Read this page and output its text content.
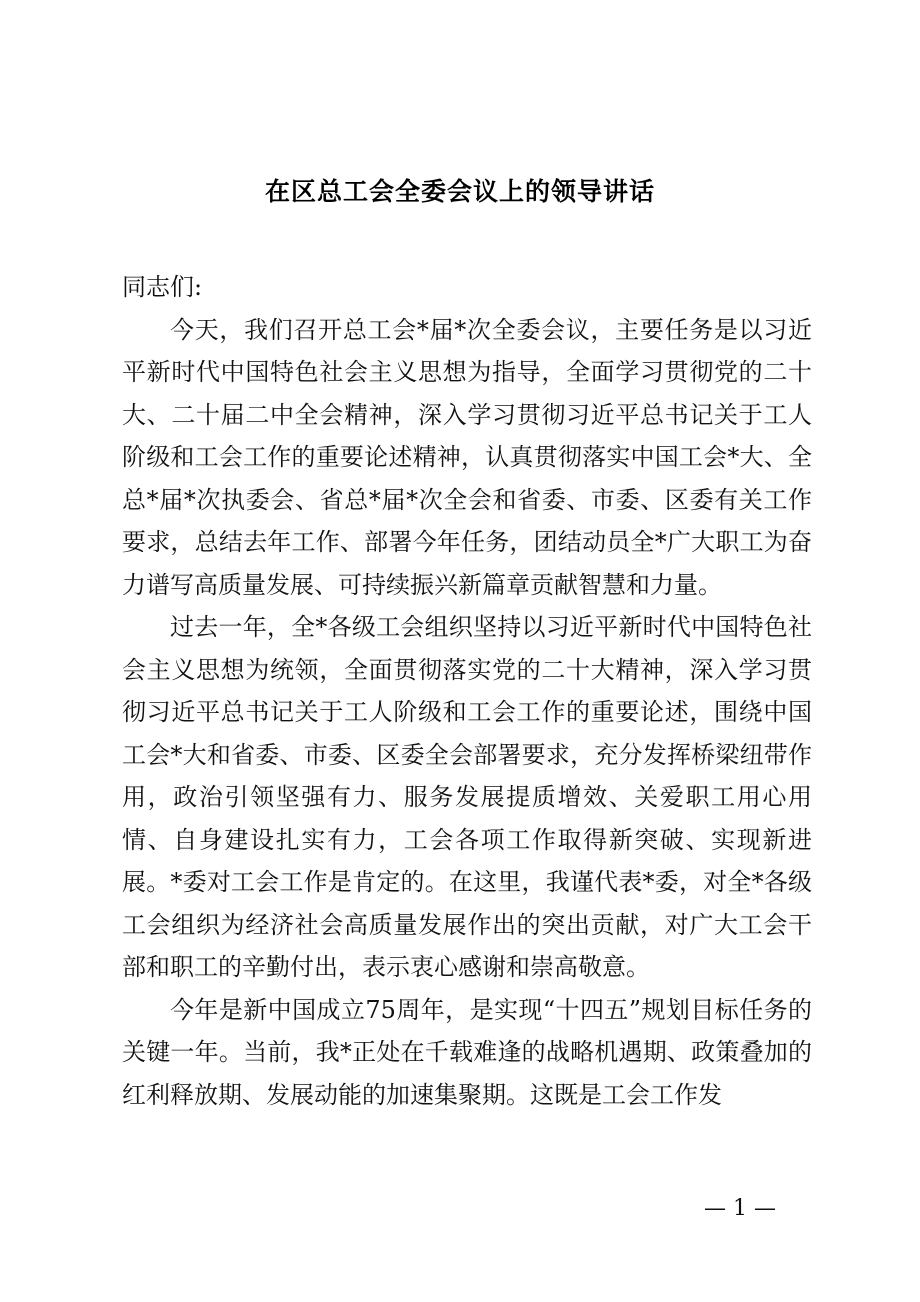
在区总工会全委会议上的领导讲话

同志们:

今天，我们召开总工会*届*次全委会议，主要任务是以习近平新时代中国特色社会主义思想为指导，全面学习贯彻党的二十大、二十届二中全会精神，深入学习贯彻习近平总书记关于工人阶级和工会工作的重要论述精神，认真贯彻落实中国工会*大、全总*届*次执委会、省总*届*次全会和省委、市委、区委有关工作要求，总结去年工作、部署今年任务，团结动员全*广大职工为奋力谱写高质量发展、可持续振兴新篇章贡献智慧和力量。

过去一年，全*各级工会组织坚持以习近平新时代中国特色社会主义思想为统领，全面贯彻落实党的二十大精神，深入学习贯彻习近平总书记关于工人阶级和工会工作的重要论述，围绕中国工会*大和省委、市委、区委全会部署要求，充分发挥桥梁纽带作用，政治引领坚强有力、服务发展提质增效、关爱职工用心用情、自身建设扎实有力，工会各项工作取得新突破、实现新进展。*委对工会工作是肯定的。在这里，我谨代表*委，对全*各级工会组织为经济社会高质量发展作出的突出贡献，对广大工会干部和职工的辛勤付出，表示衷心感谢和崇高敬意。

今年是新中国成立75周年，是实现“十四五”规划目标任务的关键一年。当前，我*正处在千载难逢的战略机遇期、政策叠加的红利释放期、发展动能的加速集聚期。这既是工会工作发

— 1 —
